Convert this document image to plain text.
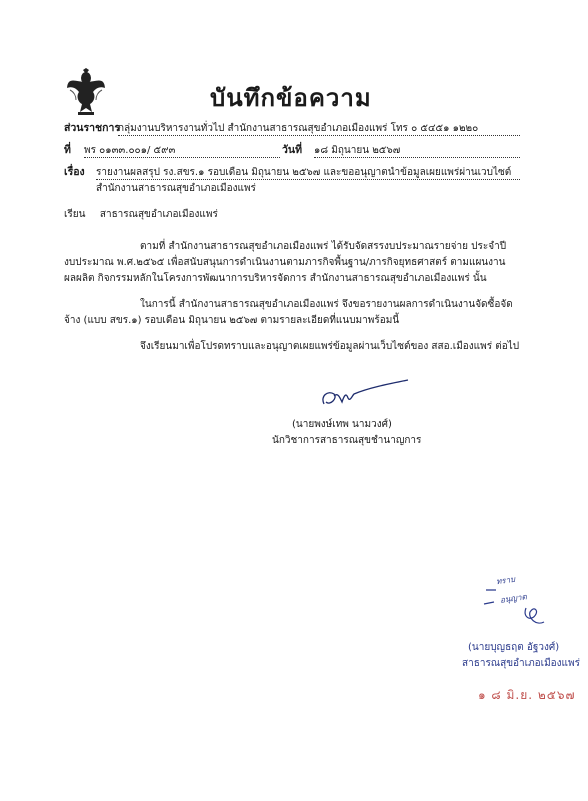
บันทึกข้อความ
ส่วนราชการ
กลุ่มงานบริหารงานทั่วไป สำนักงานสาธารณสุขอำเภอเมืองแพร่ โทร ๐ ๕๔๕๑ ๑๒๒๐
ที่ พร ๐๑๓๓.๐๐๑/ ๕๙๓	วันที่ ๑๘ มิถุนายน ๒๕๖๗
เรื่อง รายงานผลสรุป รง.สขร.๑ รอบเดือน มิถุนายน ๒๕๖๗ และขออนุญาตนำข้อมูลเผยแพร่ผ่านเวบไซต์
สำนักงานสาธารณสุขอำเภอเมืองแพร่
เรียน สาธารณสุขอำเภอเมืองแพร่
ตามที่ สำนักงานสาธารณสุขอำเภอเมืองแพร่ ได้รับจัดสรรงบประมาณรายจ่าย ประจำปี
งบประมาณ พ.ศ.๒๕๖๕ เพื่อสนับสนุนการดำเนินงานตามภารกิจพื้นฐาน/ภารกิจยุทธศาสตร์ ตามแผนงาน
ผลผลิต กิจกรรมหลักในโครงการพัฒนาการบริหารจัดการ สำนักงานสาธารณสุขอำเภอเมืองแพร่ นั้น
ในการนี้ สำนักงานสาธารณสุขอำเภอเมืองแพร่ จึงขอรายงานผลการดำเนินงานจัดซื้อจัด
จ้าง (แบบ สขร.๑) รอบเดือน มิถุนายน ๒๕๖๗ ตามรายละเอียดที่แนบมาพร้อมนี้
จึงเรียนมาเพื่อโปรดทราบและอนุญาตเผยแพร่ข้อมูลผ่านเว็บไซต์ของ สสอ.เมืองแพร่ ต่อไป
(นายพงษ์เทพ นามวงศ์)
นักวิชาการสาธารณสุขชำนาญการ
ทราบ
อนุญาต
(นายบุญธฤต อัฐวงศ์)
สาธารณสุขอำเภอเมืองแพร่
๑ ๘ มิ.ย. ๒๕๖๗
